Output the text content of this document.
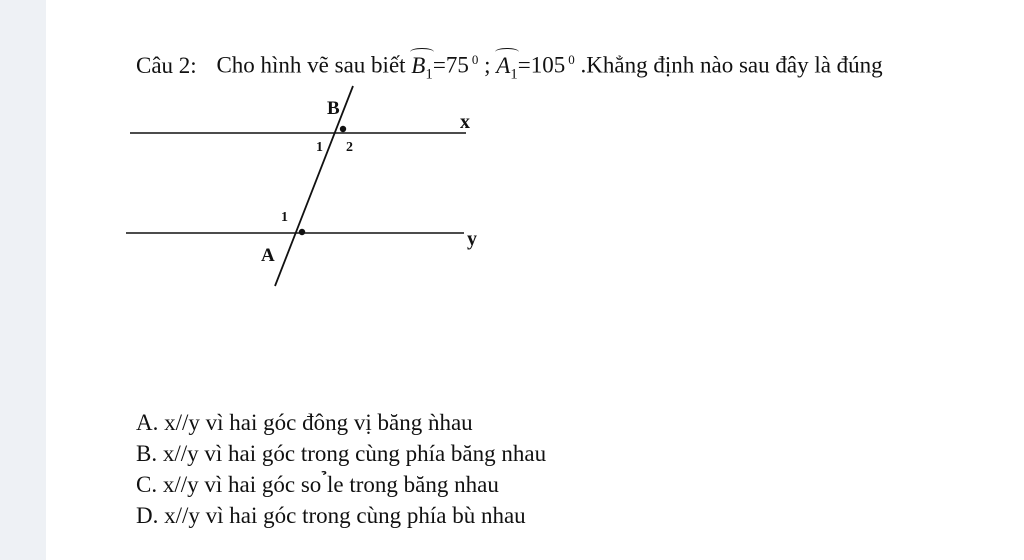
Câu 2: Cho hình vẽ sau biết $B_1=75$ $^0$ ; $A_1=105$ $^0$ .Khẳng định nào sau đây là đúng
B
x
1 2
1
y
A
A. x//y vì hai góc đông vị băng ǹhau
B. x//y vì hai góc trong cùng phía băng nhau
C. x//y vì hai góc so ̉le trong băng nhau
D. x//y vì hai góc trong cùng phía bù nhau
